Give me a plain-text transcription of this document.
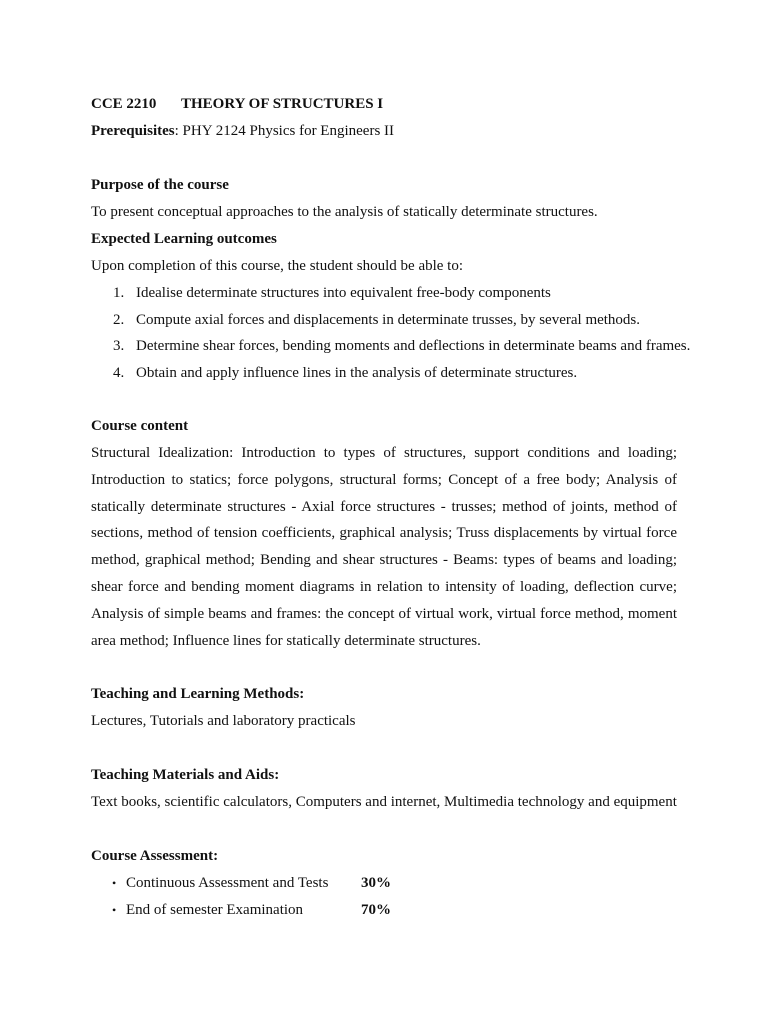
CCE 2210 THEORY OF STRUCTURES I
Prerequisites: PHY 2124 Physics for Engineers II
Purpose of the course
To present conceptual approaches to the analysis of statically determinate structures.
Expected Learning outcomes
Upon completion of this course, the student should be able to:
1. Idealise determinate structures into equivalent free-body components
2. Compute axial forces and displacements in determinate trusses, by several methods.
3. Determine shear forces, bending moments and deflections in determinate beams and frames.
4. Obtain and apply influence lines in the analysis of determinate structures.
Course content
Structural Idealization: Introduction to types of structures, support conditions and loading;
Introduction to statics; force polygons, structural forms; Concept of a free body; Analysis of
statically determinate structures - Axial force structures - trusses; method of joints, method of
sections, method of tension coefficients, graphical analysis; Truss displacements by virtual force
method, graphical method; Bending and shear structures - Beams: types of beams and loading;
shear force and bending moment diagrams in relation to intensity of loading, deflection curve;
Analysis of simple beams and frames: the concept of virtual work, virtual force method, moment
area method; Influence lines for statically determinate structures.
Teaching and Learning Methods:
Lectures, Tutorials and laboratory practicals
Teaching Materials and Aids:
Text books, scientific calculators, Computers and internet, Multimedia technology and equipment
Course Assessment:
• Continuous Assessment and Tests 30%
• End of semester Examination	70%
